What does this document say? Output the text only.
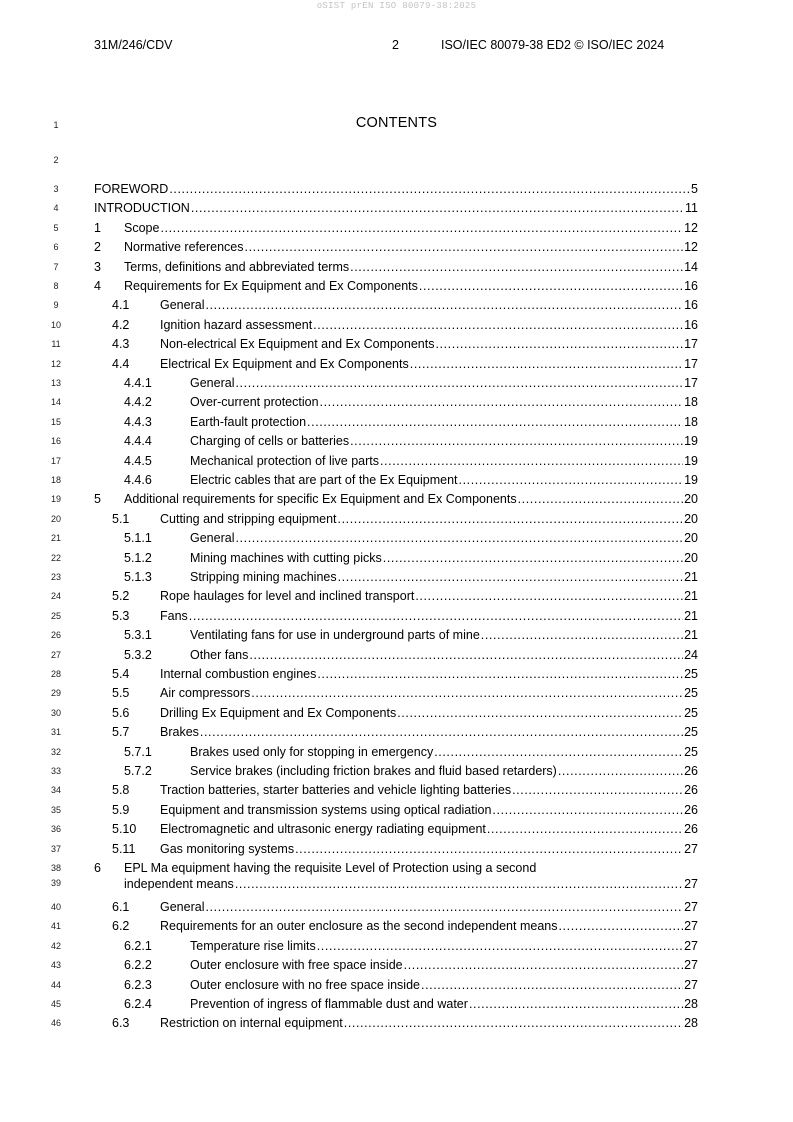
oSIST prEN ISO 80079-38:2025
31M/246/CDV	2	ISO/IEC 80079-38 ED2 © ISO/IEC 2024
1	CONTENTS
2
3	FOREWORD .....	5
4	INTRODUCTION .....	11
5	1	Scope .....	12
6	2	Normative references .....	12
7	3	Terms, definitions and abbreviated terms .....	14
8	4	Requirements for Ex Equipment and Ex Components .....	16
9	4.1	General .....	16
10	4.2	Ignition hazard assessment .....	16
11	4.3	Non-electrical Ex Equipment and Ex Components .....	17
12	4.4	Electrical Ex Equipment and Ex Components .....	17
13	4.4.1	General .....	17
14	4.4.2	Over-current protection .....	18
15	4.4.3	Earth-fault protection .....	18
16	4.4.4	Charging of cells or batteries .....	19
17	4.4.5	Mechanical protection of live parts .....	19
18	4.4.6	Electric cables that are part of the Ex Equipment .....	19
19	5	Additional requirements for specific Ex Equipment and Ex Components .....	20
20	5.1	Cutting and stripping equipment .....	20
21	5.1.1	General .....	20
22	5.1.2	Mining machines with cutting picks .....	20
23	5.1.3	Stripping mining machines .....	21
24	5.2	Rope haulages for level and inclined transport .....	21
25	5.3	Fans .....	21
26	5.3.1	Ventilating fans for use in underground parts of mine .....	21
27	5.3.2	Other fans .....	24
28	5.4	Internal combustion engines .....	25
29	5.5	Air compressors .....	25
30	5.6	Drilling Ex Equipment and Ex Components .....	25
31	5.7	Brakes .....	25
32	5.7.1	Brakes used only for stopping in emergency .....	25
33	5.7.2	Service brakes (including friction brakes and fluid based retarders) .....	26
34	5.8	Traction batteries, starter batteries and vehicle lighting batteries .....	26
35	5.9	Equipment and transmission systems using optical radiation .....	26
36	5.10	Electromagnetic and ultrasonic energy radiating equipment .....	26
37	5.11	Gas monitoring systems .....	27
38
39
6	EPL Ma equipment having the requisite Level of Protection using a second
independent means .....	27
40	6.1	General .....	27
41	6.2	Requirements for an outer enclosure as the second independent means .....	27
42	6.2.1	Temperature rise limits .....	27
43	6.2.2	Outer enclosure with free space inside .....	27
44	6.2.3	Outer enclosure with no free space inside .....	27
45	6.2.4	Prevention of ingress of flammable dust and water .....	28
46	6.3	Restriction on internal equipment .....	28
